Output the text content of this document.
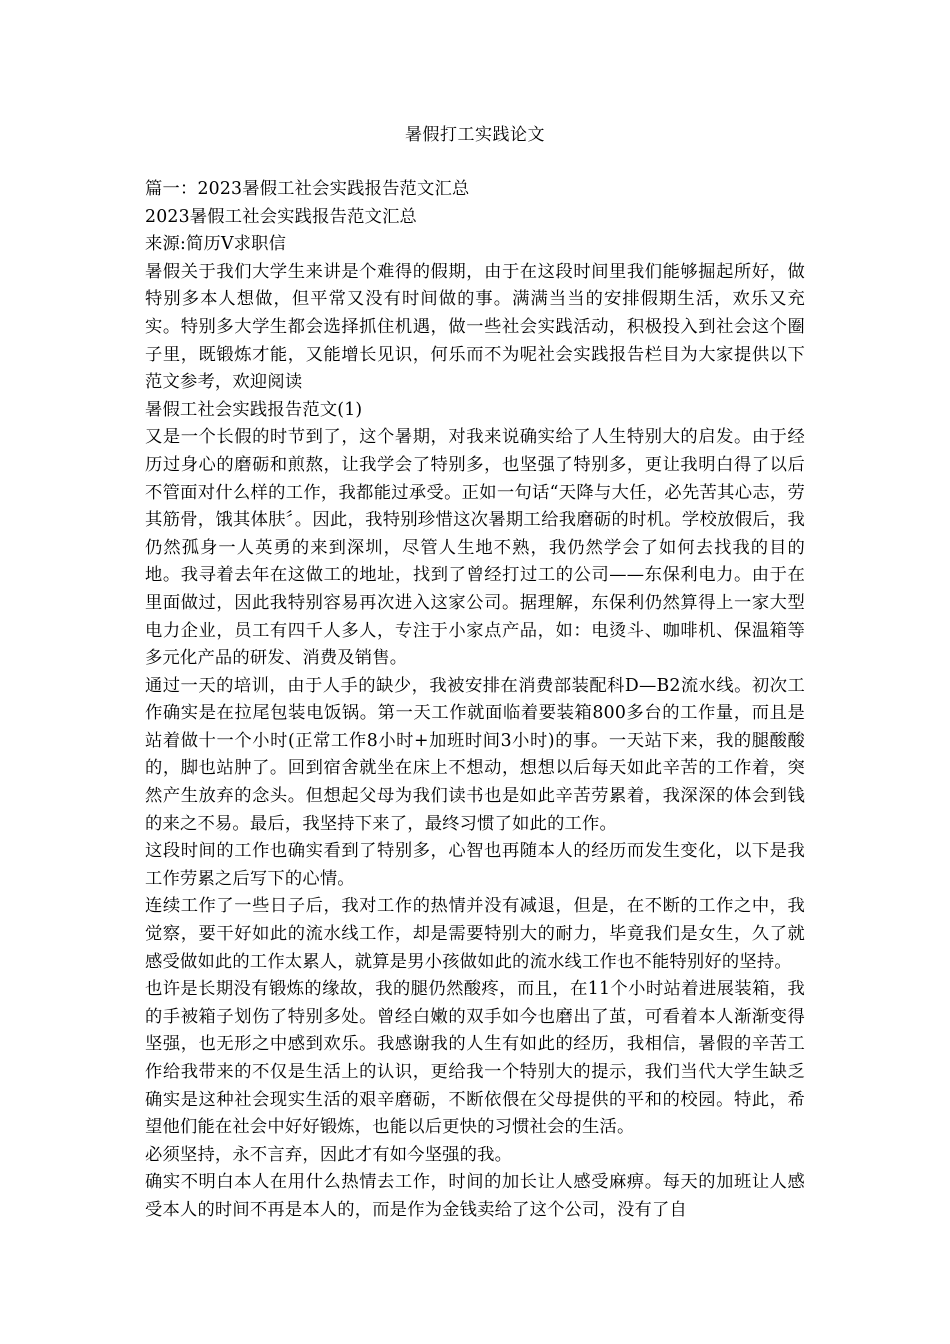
暑假打工实践论文
篇一：2023暑假工社会实践报告范文汇总
2023暑假工社会实践报告范文汇总
来源:简历V求职信

暑假关于我们大学生来讲是个难得的假期，由于在这段时间里我们能够掘起所好，做特别多本人想做，但平常又没有时间做的事。满满当当的安排假期生活，欢乐又充实。特别多大学生都会选择抓住机遇，做一些社会实践活动，积极投入到社会这个圈子里，既锻炼才能，又能增长见识，何乐而不为呢社会实践报告栏目为大家提供以下范文参考，欢迎阅读

暑假工社会实践报告范文(1)

又是一个长假的时节到了，这个暑期，对我来说确实给了人生特别大的启发。由于经历过身心的磨砺和煎熬，让我学会了特别多，也坚强了特别多，更让我明白得了以后不管面对什么样的工作，我都能过承受。正如一句话“天降与大任，必先苦其心志，劳其筋骨，饿其体肤〞。因此，我特别珍惜这次暑期工给我磨砺的时机。学校放假后，我仍然孤身一人英勇的来到深圳，尽管人生地不熟，我仍然学会了如何去找我的目的地。我寻着去年在这做工的地址，找到了曾经打过工的公司——东保利电力。由于在里面做过，因此我特别容易再次进入这家公司。据理解，东保利仍然算得上一家大型电力企业，员工有四千人多人，专注于小家点产品，如：电烫斗、咖啡机、保温箱等多元化产品的研发、消费及销售。

通过一天的培训，由于人手的缺少，我被安排在消费部装配科D—B2流水线。初次工作确实是在拉尾包装电饭锅。第一天工作就面临着要装箱800多台的工作量，而且是站着做十一个小时(正常工作8小时+加班时间3小时)的事。一天站下来，我的腿酸酸的，脚也站肿了。回到宿舍就坐在床上不想动，想想以后每天如此辛苦的工作着，突然产生放弃的念头。但想起父母为我们读书也是如此辛苦劳累着，我深深的体会到钱的来之不易。最后，我坚持下来了，最终习惯了如此的工作。

这段时间的工作也确实看到了特别多，心智也再随本人的经历而发生变化，以下是我工作劳累之后写下的心情。

连续工作了一些日子后，我对工作的热情并没有减退，但是，在不断的工作之中，我觉察，要干好如此的流水线工作，却是需要特别大的耐力，毕竟我们是女生，久了就感受做如此的工作太累人，就算是男小孩做如此的流水线工作也不能特别好的坚持。

也许是长期没有锻炼的缘故，我的腿仍然酸疼，而且，在11个小时站着进展装箱，我的手被箱子划伤了特别多处。曾经白嫩的双手如今也磨出了茧，可看着本人渐渐变得坚强，也无形之中感到欢乐。我感谢我的人生有如此的经历，我相信，暑假的辛苦工作给我带来的不仅是生活上的认识，更给我一个特别大的提示，我们当代大学生缺乏确实是这种社会现实生活的艰辛磨砺，不断依偎在父母提供的平和的校园。特此，希望他们能在社会中好好锻炼，也能以后更快的习惯社会的生活。

必须坚持，永不言弃，因此才有如今坚强的我。

确实不明白本人在用什么热情去工作，时间的加长让人感受麻痹。每天的加班让人感受本人的时间不再是本人的，而是作为金钱卖给了这个公司，没有了自
